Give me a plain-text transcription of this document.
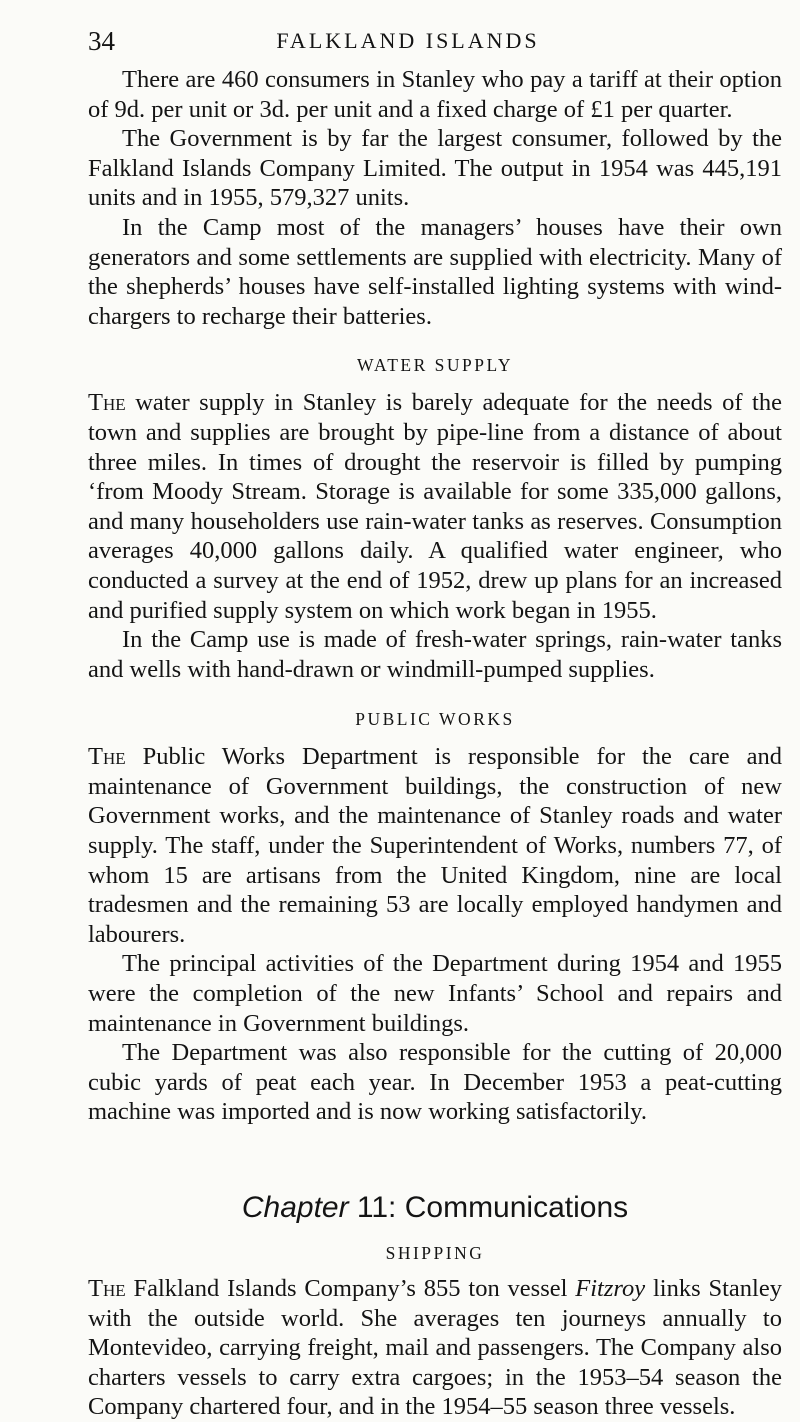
34	FALKLAND ISLANDS

There are 460 consumers in Stanley who pay a tariff at their option of 9d. per unit or 3d. per unit and a fixed charge of £1 per quarter.

The Government is by far the largest consumer, followed by the Falkland Islands Company Limited. The output in 1954 was 445,191 units and in 1955, 579,327 units.

In the Camp most of the managers’ houses have their own generators and some settlements are supplied with electricity. Many of the shepherds’ houses have self-installed lighting systems with wind-chargers to recharge their batteries.

WATER SUPPLY

The water supply in Stanley is barely adequate for the needs of the town and supplies are brought by pipe-line from a distance of about three miles. In times of drought the reservoir is filled by pumping ‘from Moody Stream. Storage is available for some 335,000 gallons, and many householders use rain-water tanks as reserves. Consumption averages 40,000 gallons daily. A qualified water engineer, who conducted a survey at the end of 1952, drew up plans for an increased and purified supply system on which work began in 1955.

In the Camp use is made of fresh-water springs, rain-water tanks and wells with hand-drawn or windmill-pumped supplies.

PUBLIC WORKS

The Public Works Department is responsible for the care and maintenance of Government buildings, the construction of new Government works, and the maintenance of Stanley roads and water supply. The staff, under the Superintendent of Works, numbers 77, of whom 15 are artisans from the United Kingdom, nine are local tradesmen and the remaining 53 are locally employed handymen and labourers.

The principal activities of the Department during 1954 and 1955 were the completion of the new Infants’ School and repairs and maintenance in Government buildings.

The Department was also responsible for the cutting of 20,000 cubic yards of peat each year. In December 1953 a peat-cutting machine was imported and is now working satisfactorily.

Chapter 11: Communications
SHIPPING

The Falkland Islands Company’s 855 ton vessel Fitzroy links Stanley with the outside world. She averages ten journeys annually to Montevideo, carrying freight, mail and passengers. The Company also charters vessels to carry extra cargoes; in the 1953–54 season the Company chartered four, and in the 1954–55 season three vessels.
